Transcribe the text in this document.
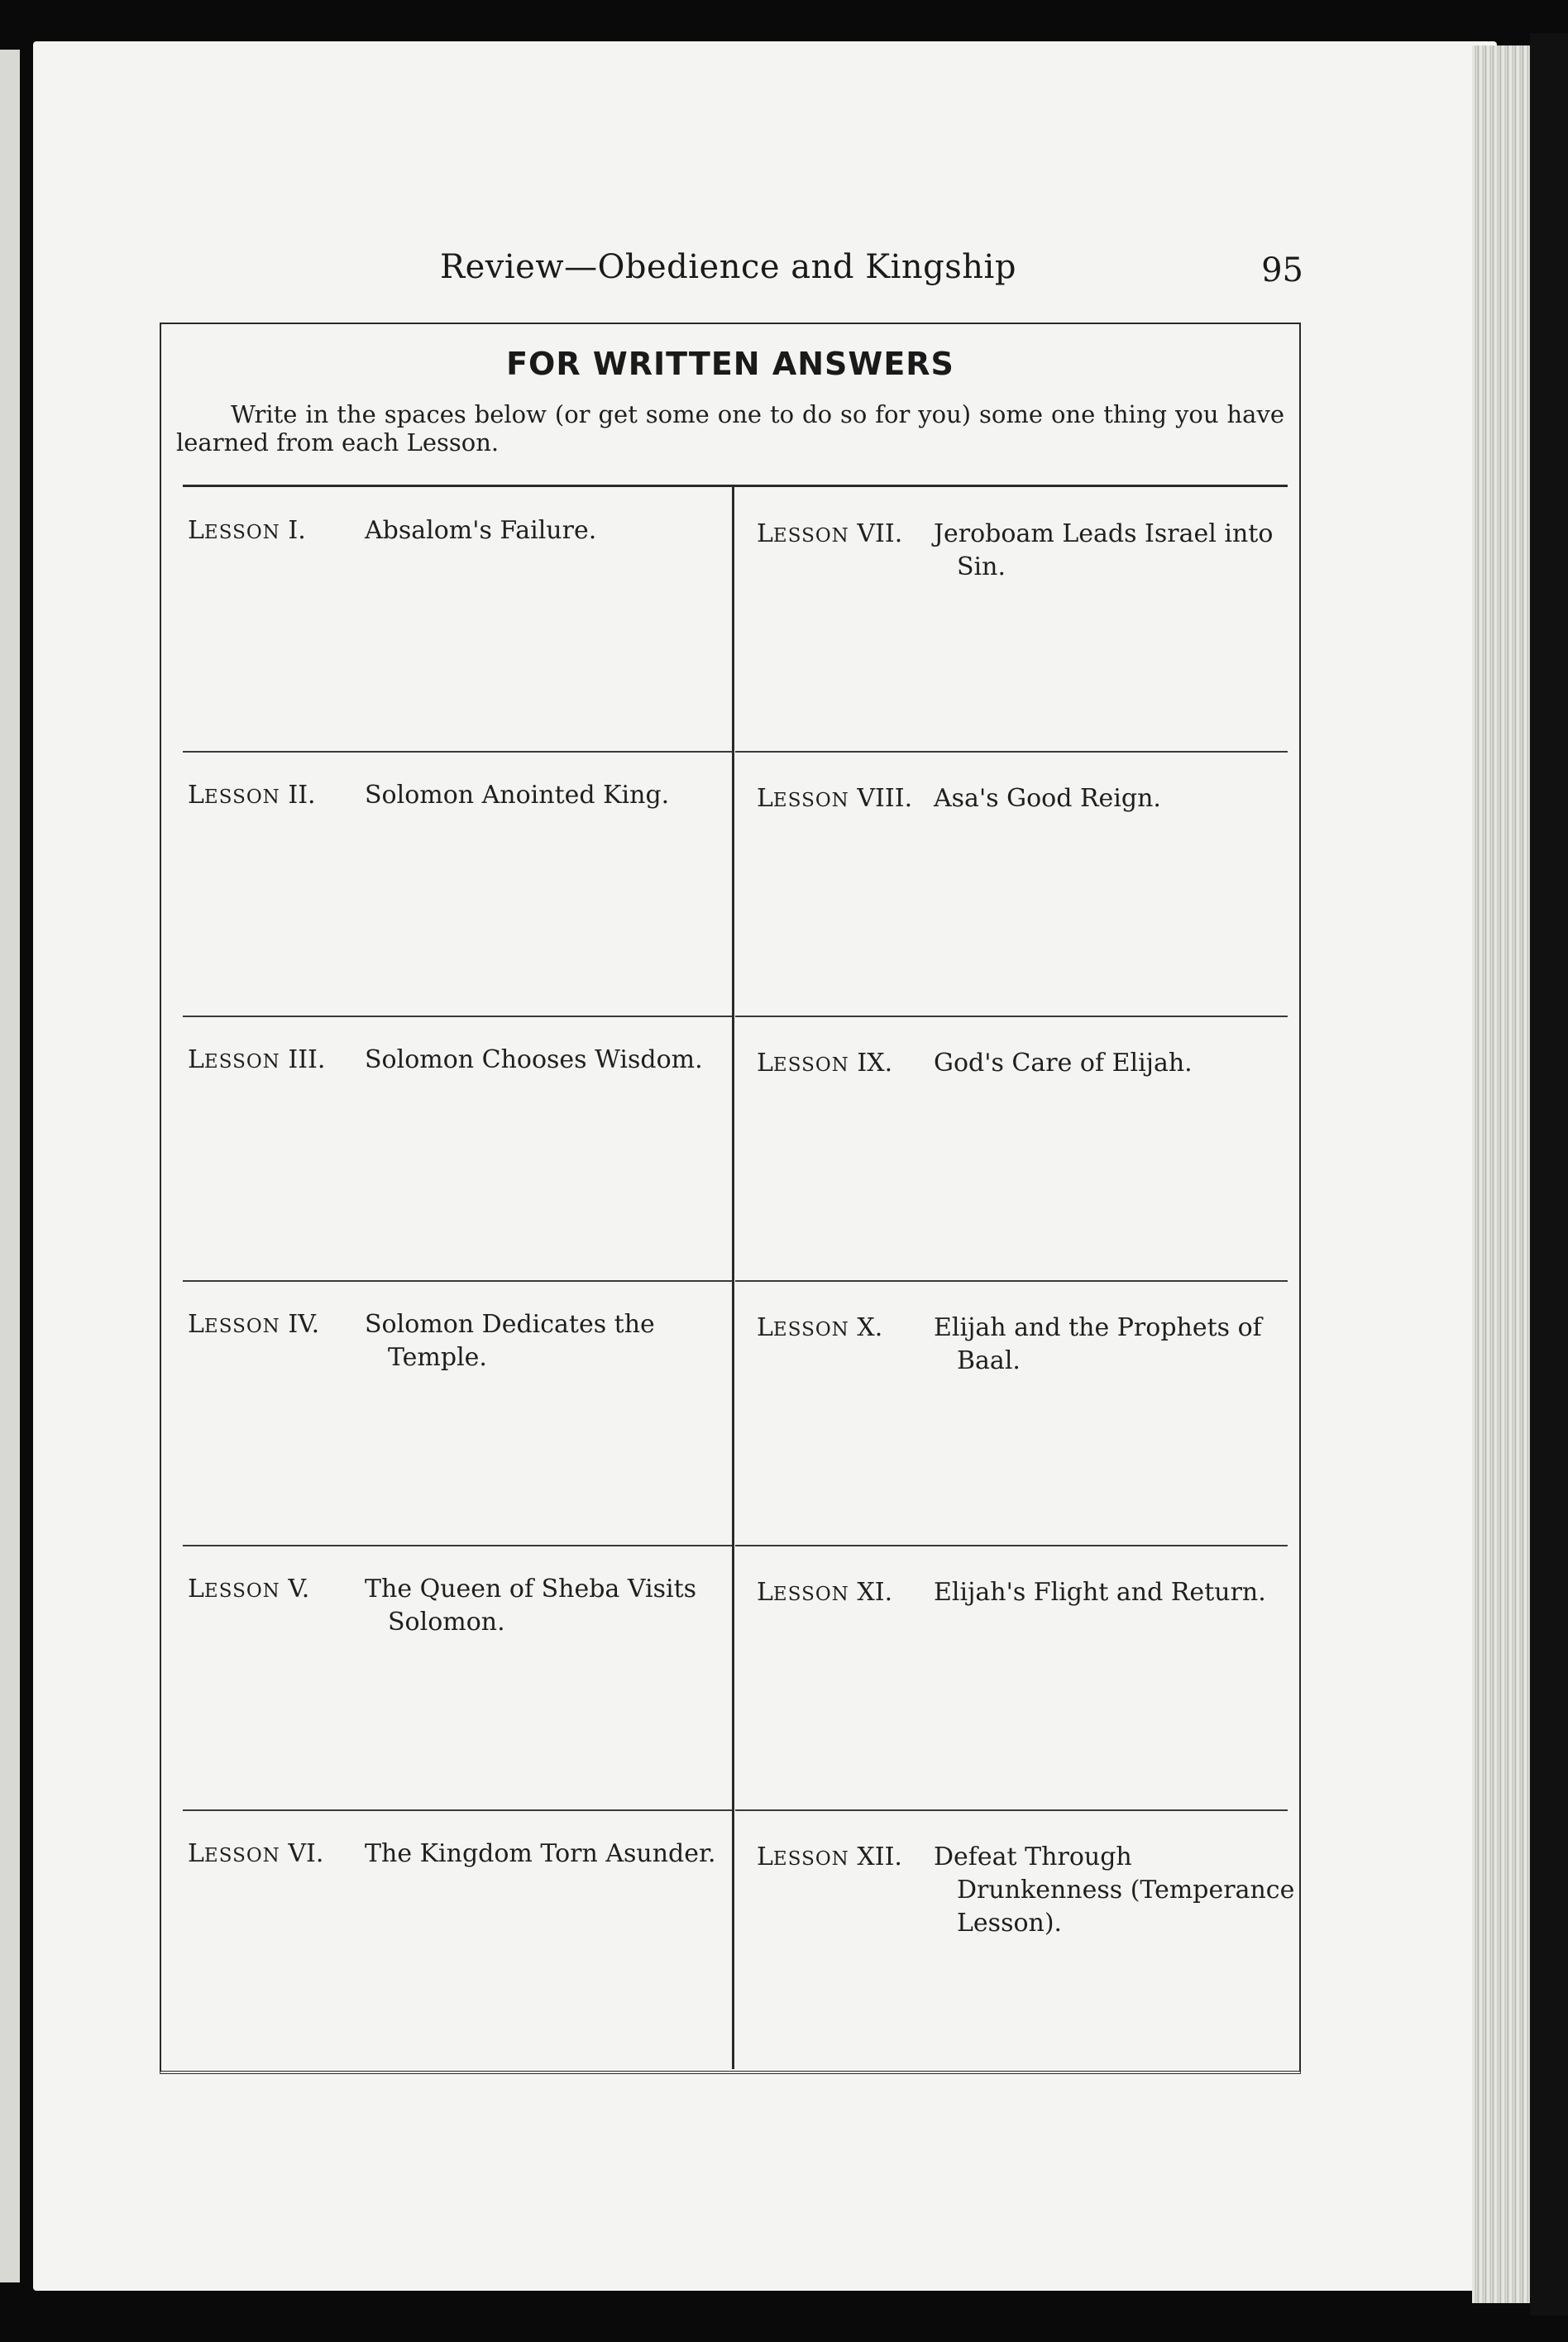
Review—Obedience and Kingship	95
FOR WRITTEN ANSWERS
Write in the spaces below (or get some one to do so for you) some one thing you have learned from each Lesson.
LESSON I. Absalom's Failure.
LESSON II. Solomon Anointed King.
LESSON III. Solomon Chooses Wisdom.
LESSON IV. Solomon Dedicates the Temple.
LESSON V. The Queen of Sheba Visits Solomon.
LESSON VI. The Kingdom Torn Asunder.
LESSON VII. Jeroboam Leads Israel into Sin.
LESSON VIII. Asa's Good Reign.
LESSON IX. God's Care of Elijah.
LESSON X. Elijah and the Prophets of Baal.
LESSON XI. Elijah's Flight and Return.
LESSON XII. Defeat Through Drunkenness (Temperance Lesson).
